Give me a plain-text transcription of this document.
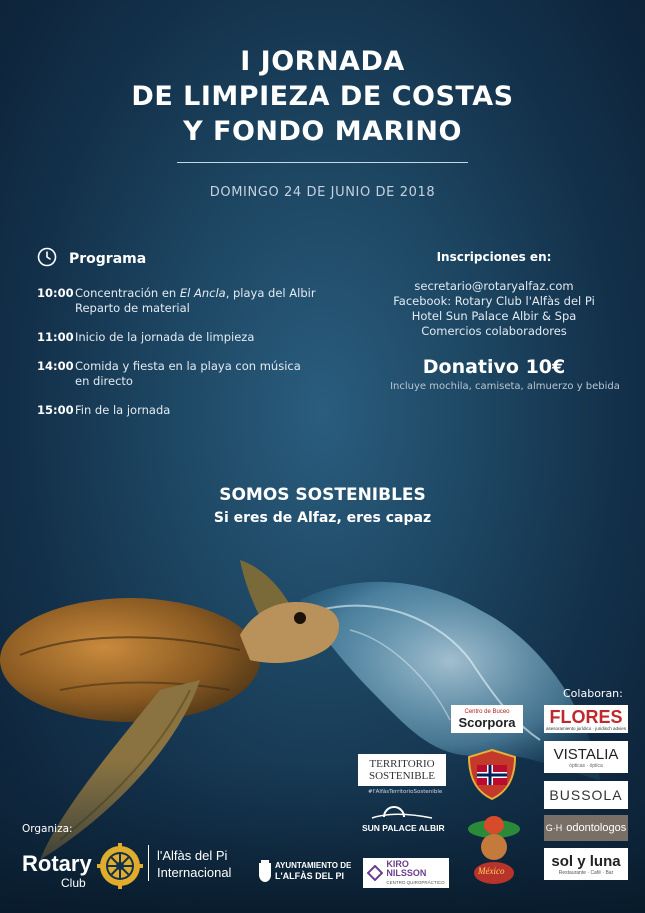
I JORNADA
DE LIMPIEZA DE COSTAS
Y FONDO MARINO
DOMINGO 24 DE JUNIO DE 2018
Programa
10:00 Concentración en El Ancla, playa del Albir
Reparto de material
11:00 Inicio de la jornada de limpieza
14:00 Comida y fiesta en la playa con música
en directo
15:00 Fin de la jornada
Inscripciones en:
secretario@rotaryalfaz.com
Facebook: Rotary Club l'Alfàs del Pi
Hotel Sun Palace Albir & Spa
Comercios colaboradores
Donativo 10€
Incluye mochila, camiseta, almuerzo y bebida
SOMOS SOSTENIBLES
Si eres de Alfaz, eres capaz
Colaboran:
Centro de Buceo
Scorpora FLORES
asesoramiento jurídico · juridisch advies
VISTALIA
ópticas · óptica
BUSSOLA
G·H odontologos
sol y luna
Restaurante · Café · Bar
TERRITORIO
SOSTENIBLE
#l'AlfàsTerritorioSostenible
SUN PALACE ALBIR
México
AYUNTAMIENTO DE
L'ALFÀS DEL PI
KIRO
NILSSON
CENTRO QUIROPRÁCTICO
Organiza:
Rotary
Club
l'Alfàs del Pi
Internacional
